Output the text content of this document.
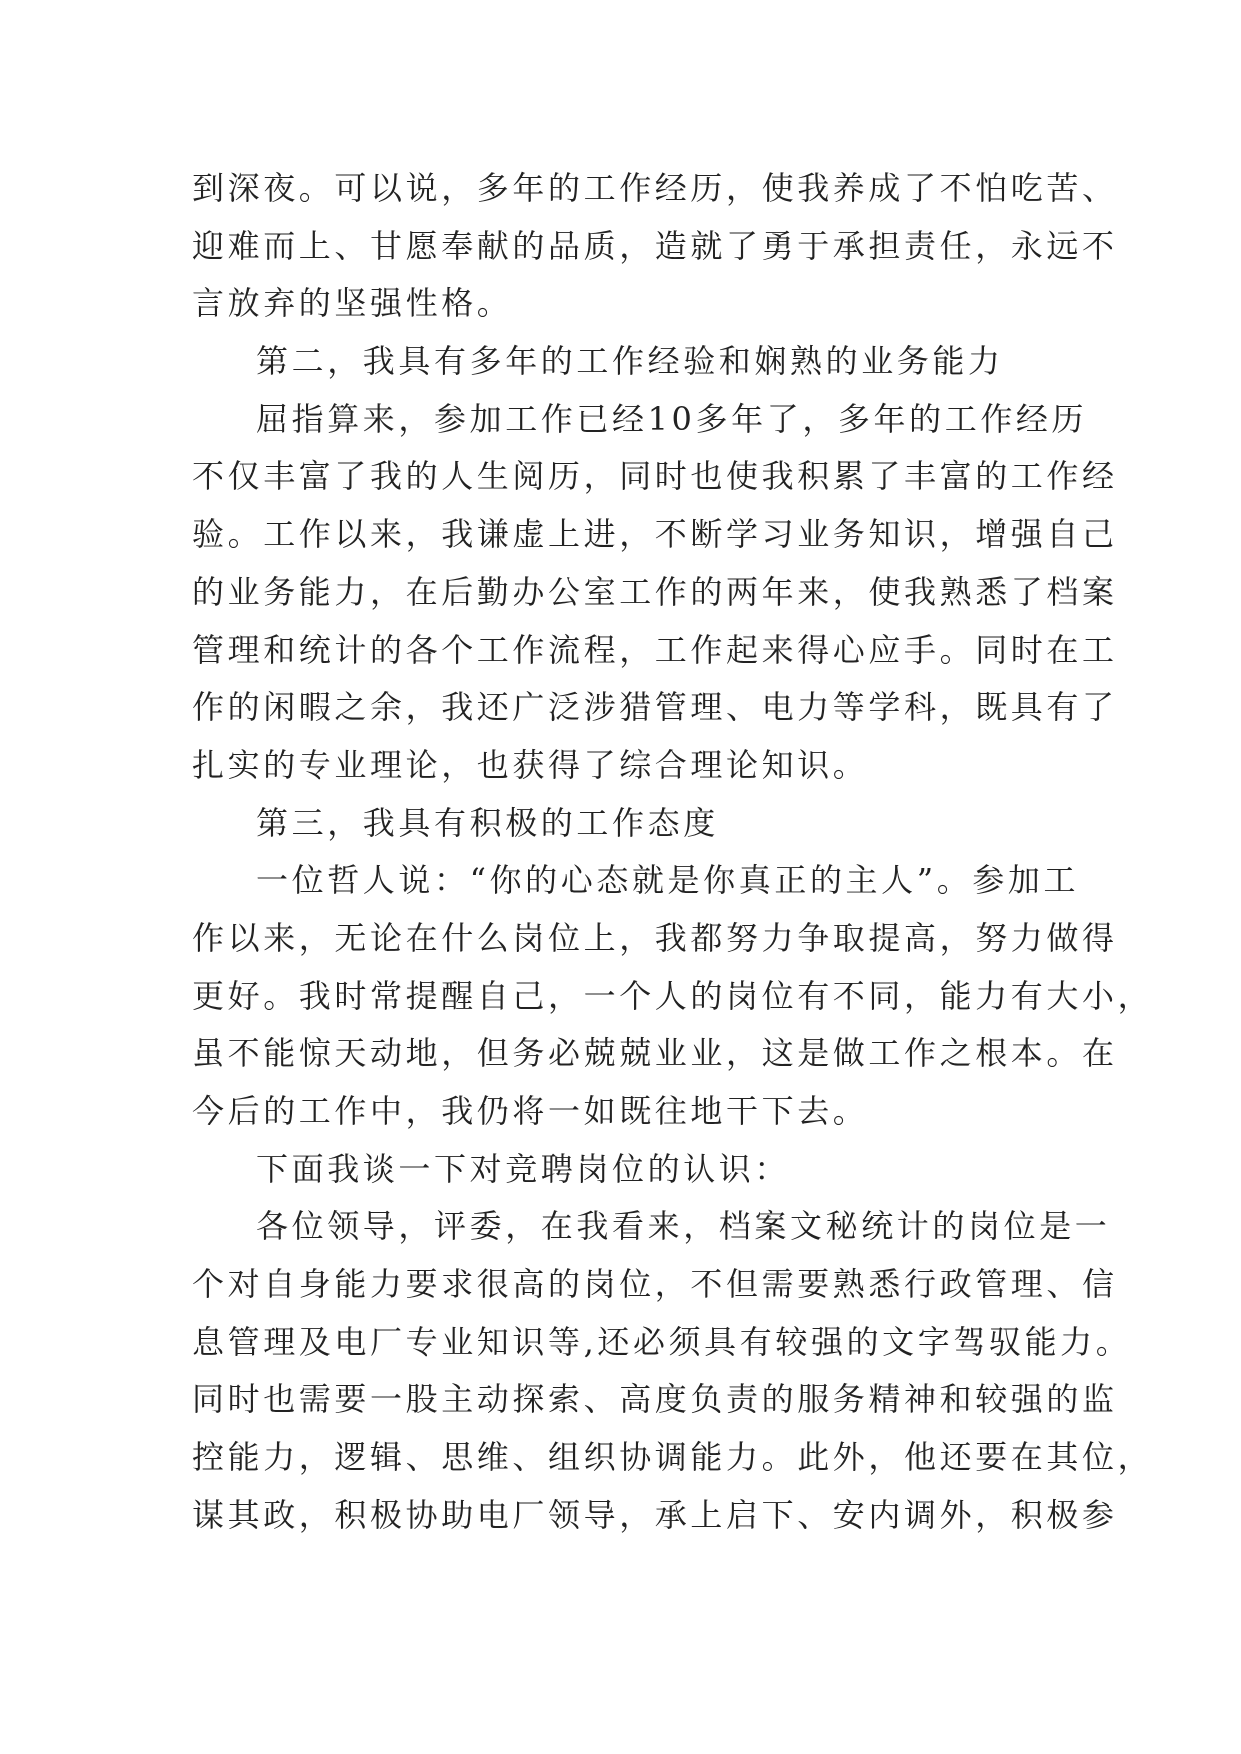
到深夜。可以说，多年的工作经历，使我养成了不怕吃苦、
迎难而上、甘愿奉献的品质，造就了勇于承担责任，永远不
言放弃的坚强性格。
第二，我具有多年的工作经验和娴熟的业务能力
屈指算来，参加工作已经10多年了，多年的工作经历
不仅丰富了我的人生阅历，同时也使我积累了丰富的工作经
验。工作以来，我谦虚上进，不断学习业务知识，增强自己
的业务能力，在后勤办公室工作的两年来，使我熟悉了档案
管理和统计的各个工作流程，工作起来得心应手。同时在工
作的闲暇之余，我还广泛涉猎管理、电力等学科，既具有了
扎实的专业理论，也获得了综合理论知识。
第三，我具有积极的工作态度
一位哲人说：“你的心态就是你真正的主人”。参加工
作以来，无论在什么岗位上，我都努力争取提高，努力做得
更好。我时常提醒自己，一个人的岗位有不同，能力有大小，
虽不能惊天动地，但务必兢兢业业，这是做工作之根本。在
今后的工作中，我仍将一如既往地干下去。
下面我谈一下对竞聘岗位的认识：
各位领导，评委，在我看来，档案文秘统计的岗位是一
个对自身能力要求很高的岗位，不但需要熟悉行政管理、信
息管理及电厂专业知识等,还必须具有较强的文字驾驭能力。
同时也需要一股主动探索、高度负责的服务精神和较强的监
控能力，逻辑、思维、组织协调能力。此外，他还要在其位，
谋其政，积极协助电厂领导，承上启下、安内调外，积极参
